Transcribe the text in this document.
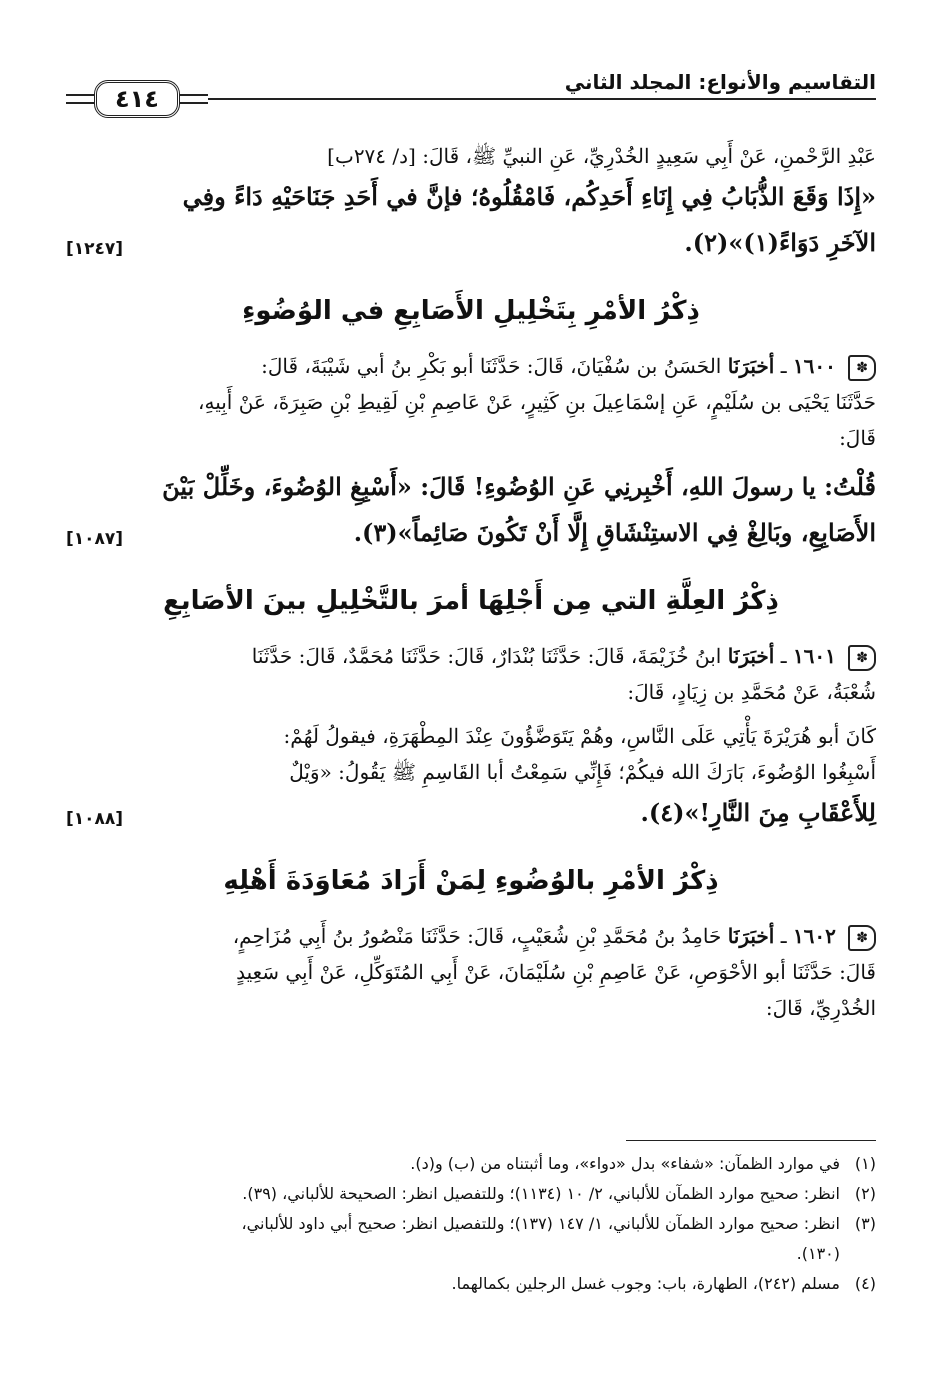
التقاسيم والأنواع: المجلد الثاني
٤١٤
عَبْدِ الرَّحْمنِ، عَنْ أَبِي سَعِيدٍ الخُدْرِيِّ، عَنِ النبيِّ ﷺ، قَالَ: [د/ ٢٧٤ب]
«إِذَا وَقَعَ الذُّبَابُ فِي إِنَاءِ أَحَدِكُم، فَامْقُلُوهُ؛ فإنَّ في أَحَدِ جَنَاحَيْهِ دَاءً وفِي
الآخَرِ دَوَاءً(١)»(٢).
[١٢٤٧]
ذِكْرُ الأمْرِ بِتَخْلِيلِ الأَصَابِعِ في الوُضُوءِ
✽ ١٦٠٠ ـ أخبَرَنَا الحَسَنُ بن سُفْيَانَ، قَالَ: حَدَّثَنَا أبو بَكْرِ بنُ أبي شَيْبَةَ، قَالَ:
حَدَّثَنَا يَحْيَى بن سُلَيْمٍ، عَنِ إسْمَاعِيلَ بنِ كَثِيرٍ، عَنْ عَاصِمِ بْنِ لَقِيطِ بْنِ صَبِرَةَ، عَنْ أَبِيهِ،
قَالَ:
قُلْتُ: يا رسولَ اللهِ، أَخْبِرنِي عَنِ الوُضُوءِ! قَالَ: «أَسْبِغِ الوُضُوءَ، وخَلِّلْ بَيْنَ
الأَصَابِعِ، وبَالِغْ فِي الاستِنْشَاقِ إِلَّا أَنْ تَكُونَ صَائِماً»(٣).
[١٠٨٧]
ذِكْرُ العِلَّةِ التي مِن أَجْلِهَا أمرَ بالتَّخْلِيلِ بينَ الأصَابِعِ
✽ ١٦٠١ ـ أخبَرَنَا ابنُ خُزَيْمَةَ، قَالَ: حَدَّثَنَا بُنْدَارٌ، قَالَ: حَدَّثَنَا مُحَمَّدٌ، قَالَ: حَدَّثَنَا
شُعْبَةُ، عَنْ مُحَمَّدِ بن زِيَادٍ، قَالَ:
كَانَ أبو هُرَيْرَةَ يَأْتِي عَلَى النَّاسِ، وهُمْ يَتَوَضَّؤُونَ عِنْدَ المِطْهَرَةِ، فيقولُ لَهُمْ:
أَسْبِغُوا الوُضُوءَ، بَارَكَ الله فيكُمْ؛ فَإِنِّي سَمِعْتُ أبا القَاسِمِ ﷺ يَقُولُ: «وَيْلٌ
لِلأَعْقَابِ مِنَ النَّارِ!»(٤).
[١٠٨٨]
ذِكْرُ الأمْرِ بالوُضُوءِ لِمَنْ أَرَادَ مُعَاوَدَةَ أَهْلِهِ
✽ ١٦٠٢ ـ أخبَرَنَا حَامِدُ بنُ مُحَمَّدِ بْنِ شُعَيْبٍ، قَالَ: حَدَّثَنَا مَنْصُورُ بنُ أَبِي مُزَاحِمٍ،
قَالَ: حَدَّثَنَا أبو الأحْوَصِ، عَنْ عَاصِمِ بْنِ سُلَيْمَانَ، عَنْ أَبِي المُتَوَكِّلِ، عَنْ أَبِي سَعِيدٍ
الخُدْرِيِّ، قَالَ:
(١)في موارد الظمآن: «شفاء» بدل «دواء»، وما أثبتناه من (ب) و(د).
(٢)انظر: صحيح موارد الظمآن للألباني، ٢/ ١٠ (١١٣٤)؛ وللتفصيل انظر: الصحيحة للألباني، (٣٩).
(٣)انظر: صحيح موارد الظمآن للألباني، ١/ ١٤٧ (١٣٧)؛ وللتفصيل انظر: صحيح أبي داود للألباني،
(١٣٠).
(٤)مسلم (٢٤٢)، الطهارة، باب: وجوب غسل الرجلين بكمالهما.
